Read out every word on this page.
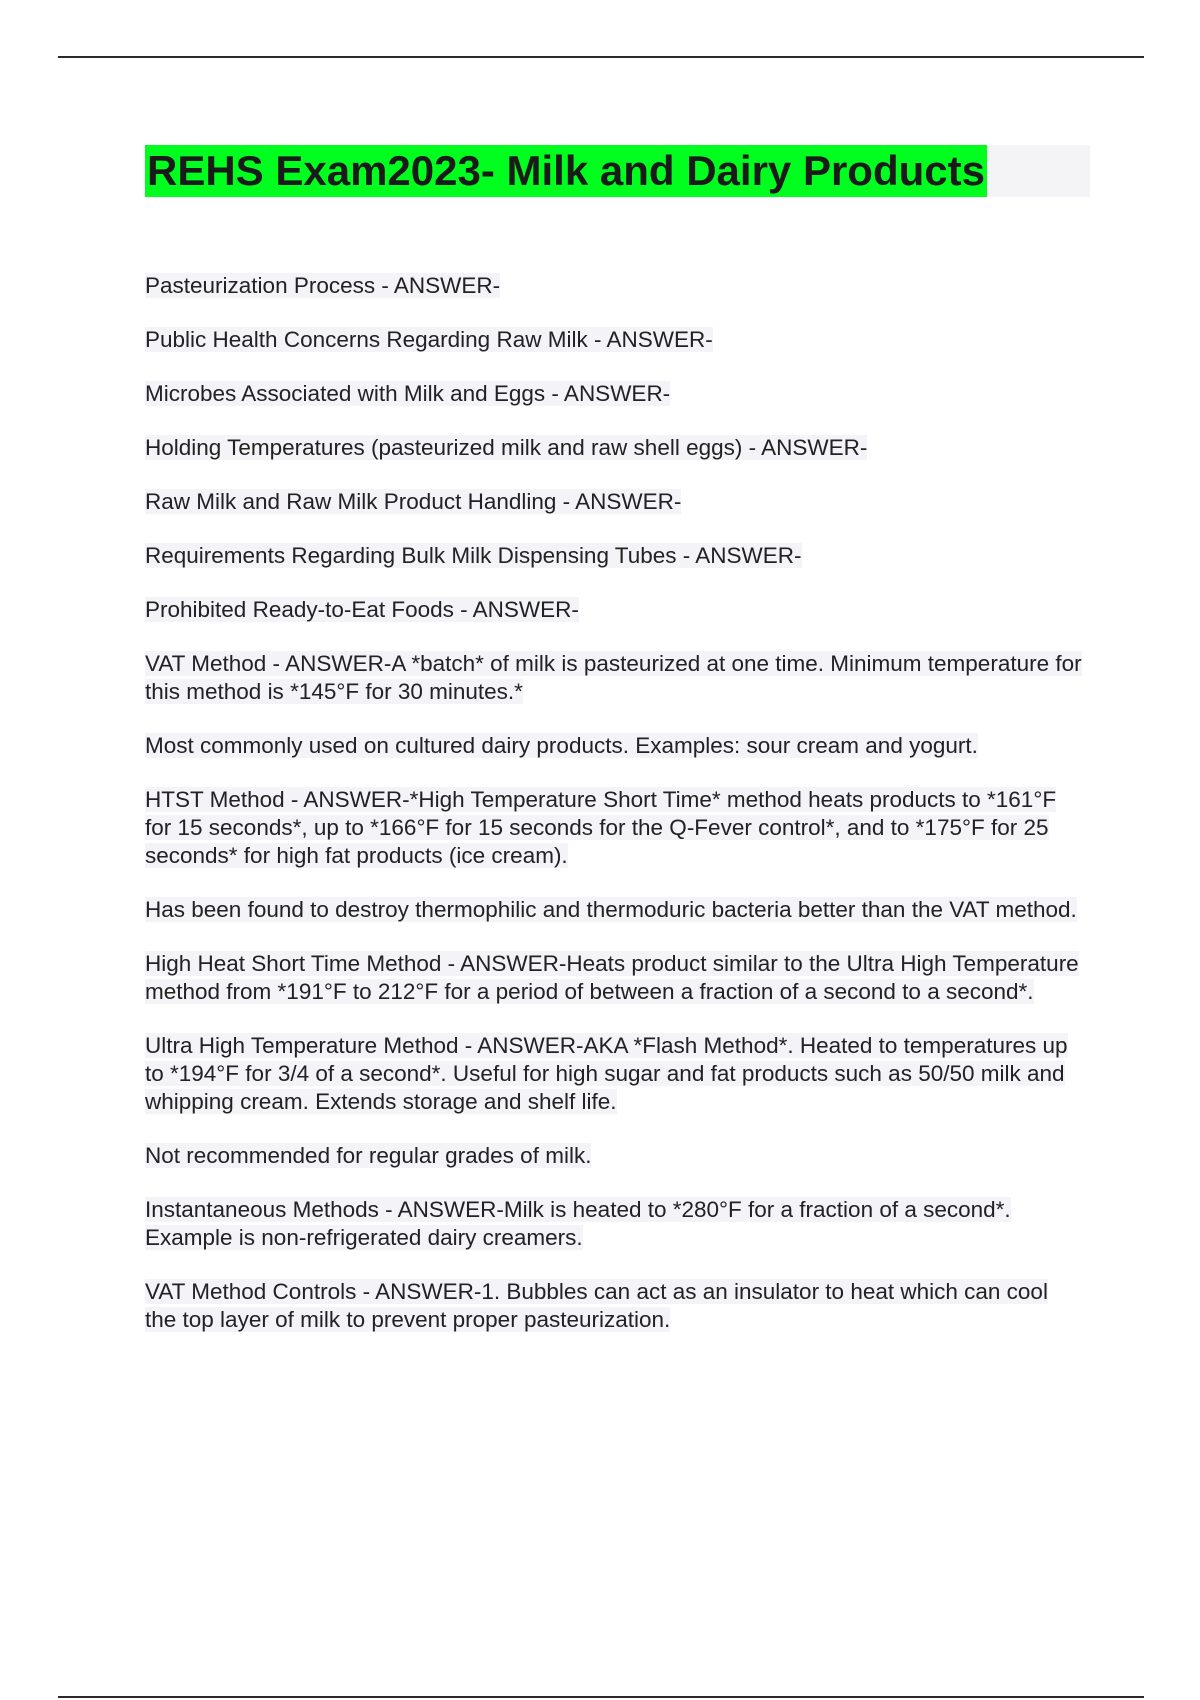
REHS Exam2023- Milk and Dairy Products
Pasteurization Process - ANSWER-
Public Health Concerns Regarding Raw Milk - ANSWER-
Microbes Associated with Milk and Eggs - ANSWER-
Holding Temperatures (pasteurized milk and raw shell eggs) - ANSWER-
Raw Milk and Raw Milk Product Handling - ANSWER-
Requirements Regarding Bulk Milk Dispensing Tubes - ANSWER-
Prohibited Ready-to-Eat Foods - ANSWER-
VAT Method - ANSWER-A *batch* of milk is pasteurized at one time. Minimum temperature for this method is *145°F for 30 minutes.*
Most commonly used on cultured dairy products. Examples: sour cream and yogurt.
HTST Method - ANSWER-*High Temperature Short Time* method heats products to *161°F for 15 seconds*, up to *166°F for 15 seconds for the Q-Fever control*, and to *175°F for 25 seconds* for high fat products (ice cream).
Has been found to destroy thermophilic and thermoduric bacteria better than the VAT method.
High Heat Short Time Method - ANSWER-Heats product similar to the Ultra High Temperature method from *191°F to 212°F for a period of between a fraction of a second to a second*.
Ultra High Temperature Method - ANSWER-AKA *Flash Method*. Heated to temperatures up to *194°F for 3/4 of a second*. Useful for high sugar and fat products such as 50/50 milk and whipping cream. Extends storage and shelf life.
Not recommended for regular grades of milk.
Instantaneous Methods - ANSWER-Milk is heated to *280°F for a fraction of a second*. Example is non-refrigerated dairy creamers.
VAT Method Controls - ANSWER-1. Bubbles can act as an insulator to heat which can cool the top layer of milk to prevent proper pasteurization.
